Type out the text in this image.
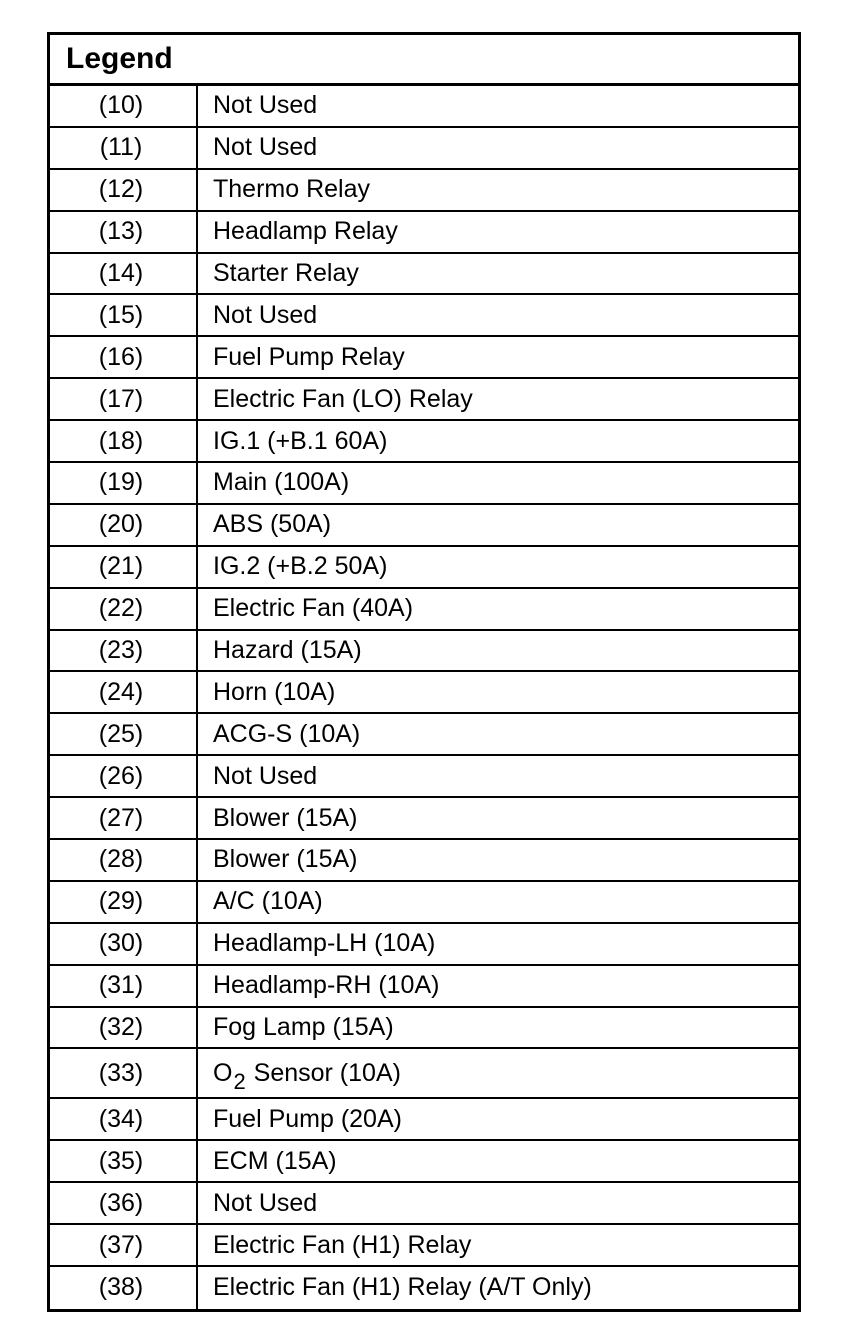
Legend
(10)	Not Used
(11)	Not Used
(12)	Thermo Relay
(13)	Headlamp Relay
(14)	Starter Relay
(15)	Not Used
(16)	Fuel Pump Relay
(17)	Electric Fan (LO) Relay
(18)	IG.1 (+B.1 60A)
(19)	Main (100A)
(20)	ABS (50A)
(21)	IG.2 (+B.2 50A)
(22)	Electric Fan (40A)
(23)	Hazard (15A)
(24)	Horn (10A)
(25)	ACG-S (10A)
(26)	Not Used
(27)	Blower (15A)
(28)	Blower (15A)
(29)	A/C (10A)
(30)	Headlamp-LH (10A)
(31)	Headlamp-RH (10A)
(32)	Fog Lamp (15A)
(33)	O 2 Sensor (10A)
(34)	Fuel Pump (20A)
(35)	ECM (15A)
(36)	Not Used
(37)	Electric Fan (H1) Relay
(38)	Electric Fan (H1) Relay (A/T Only)
